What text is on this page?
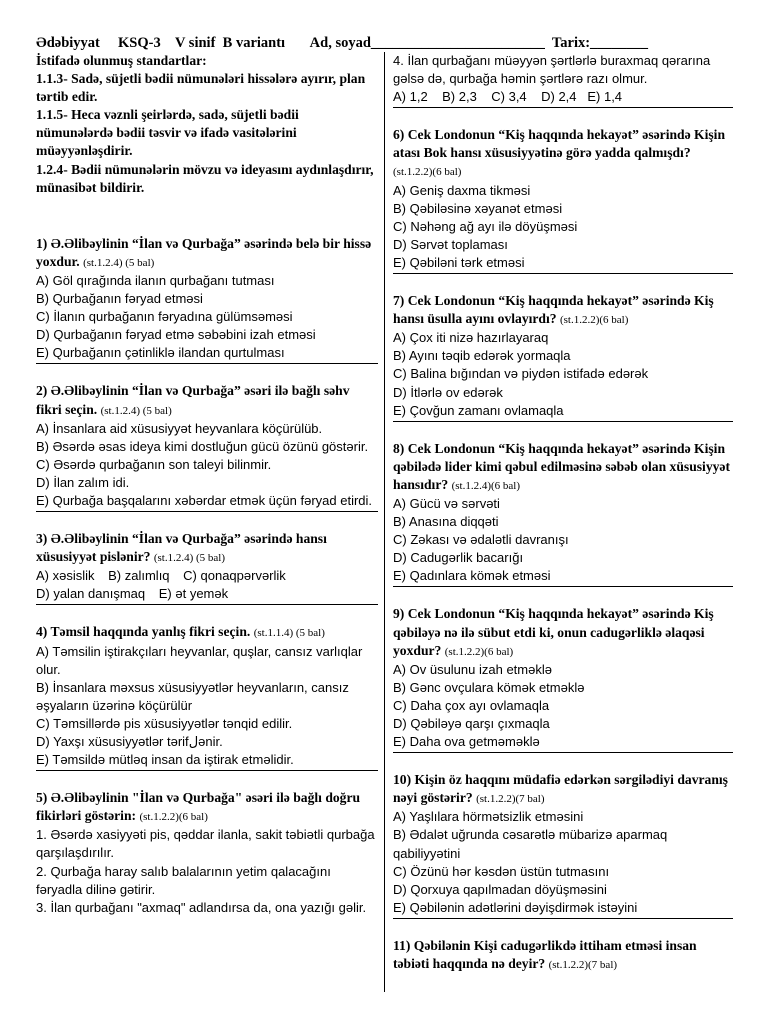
Ədəbiyyat KSQ-3 V sinif B variantı Ad, soyad________________________ Tarix:________
İstifadə olunmuş standartlar:
1.1.3- Sadə, süjetli bədii nümunələri hissələrə ayırır, plan tərtib edir.
1.1.5- Heca vəznli şeirlərdə, sadə, süjetli bədii nümunələrdə bədii təsvir və ifadə vasitələrini müəyyənləşdirir.
1.2.4- Bədii nümunələrin mövzu və ideyasını aydınlaşdırır, münasibət bildirir.
1) Ə.Əlibəylinin “İlan və Qurbağa” əsərində belə bir hissə yoxdur. (st.1.2.4) (5 bal)
A) Göl qırağında ilanın qurbağanı tutması
B) Qurbağanın fəryad etməsi
C) İlanın qurbağanın fəryadına gülümsəməsi
D) Qurbağanın fəryad etmə səbəbini izah etməsi
E) Qurbağanın çətinliklə ilandan qurtulması
2) Ə.Əlibəylinin “İlan və Qurbağa” əsəri ilə bağlı səhv fikri seçin. (st.1.2.4) (5 bal)
A) İnsanlara aid xüsusiyyət heyvanlara köçürülüb.
B) Əsərdə əsas ideya kimi dostluğun gücü özünü göstərir.
C) Əsərdə qurbağanın son taleyi bilinmir.
D) İlan zalım idi.
E) Qurbağa başqalarını xəbərdar etmək üçün fəryad etirdi.
3) Ə.Əlibəylinin “İlan və Qurbağa” əsərində hansı xüsusiyyət pislənir? (st.1.2.4) (5 bal)
A) xəsislik B) zalımlıq C) qonaqpərvərlik
D) yalan danışmaq E) ət yemək
4) Təmsil haqqında yanlış fikri seçin. (st.1.1.4) (5 bal)
A) Təmsilin iştirakçıları heyvanlar, quşlar, cansız varlıqlar olur.
B) İnsanlara məxsus xüsusiyyətlər heyvanların, cansız əşyaların üzərinə köçürülür
C) Təmsillərdə pis xüsusiyyətlər tənqid edilir.
D) Yaxşı xüsusiyyətlər tərifلənir.
E) Təmsildə mütləq insan da iştirak etməlidir.
5) Ə.Əlibəylinin "İlan və Qurbağa" əsəri ilə bağlı doğru fikirləri göstərin: (st.1.2.2)(6 bal)
1. Əsərdə xasiyyəti pis, qəddar ilanla, sakit təbiətli qurbağa qarşılaşdırılır.
2. Qurbağa haray salıb balalarının yetim qalacağını fəryadla dilinə gətirir.
3. İlan qurbağanı "axmaq" adlandırsa da, ona yazığı gəlir.
4. İlan qurbağanı müəyyən şərtlərlə buraxmaq qərarına gəlsə də, qurbağa həmin şərtlərə razı olmur.
A) 1,2    B) 2,3    C) 3,4    D) 2,4   E) 1,4
6) Cek Londonun “Kiş haqqında hekayət” əsərində Kişin atası Bok hansı xüsusiyyətinə görə yadda qalmışdı? (st.1.2.2)(6 bal)
A) Geniş daxma tikməsi
B) Qəbiləsinə xəyanət etməsi
C) Nəhəng ağ ayı ilə döyüşməsi
D) Sərvət toplaması
E) Qəbiləni tərk etməsi
7) Cek Londonun “Kiş haqqında hekayət” əsərində Kiş hansı üsulla ayını ovlayırdı? (st.1.2.2)(6 bal)
A) Çox iti nizə hazırlayaraq
B) Ayını təqib edərək yormaqla
C) Balina bığından və piydən istifadə edərək
D) İtlərlə ov edərək
E) Çovğun zamanı ovlamaqla
8) Cek Londonun “Kiş haqqında hekayət” əsərində Kişin qəbilədə lider kimi qəbul edilməsinə səbəb olan xüsusiyyət hansıdır? (st.1.2.4)(6 bal)
A) Gücü və sərvəti
B) Anasına diqqəti
C) Zəkası və ədalətli davranışı
D) Cadugərlik bacarığı
E) Qadınlara kömək etməsi
9) Cek Londonun “Kiş haqqında hekayət” əsərində Kiş qəbiləyə nə ilə sübut etdi ki, onun cadugərliklə əlaqəsi yoxdur? (st.1.2.2)(6 bal)
A) Ov üsulunu izah etməklə
B) Gənc ovçulara kömək etməklə
C) Daha çox ayı ovlamaqla
D) Qəbiləyə qarşı çıxmaqla
E) Daha ova getməməklə
10) Kişin öz haqqını müdafiə edərkən sərgilədiyi davranış nəyi göstərir? (st.1.2.2)(7 bal)
A) Yaşlılara hörmətsizlik etməsini
B) Ədalət uğrunda cəsarətlə mübarizə aparmaq qabiliyyətini
C) Özünü hər kəsdən üstün tutmasını
D) Qorxuya qapılmadan döyüşməsini
E) Qəbilənin adətlərini dəyişdirmək istəyini
11) Qəbilənin Kişi cadugərlikdə ittiham etməsi insan təbiəti haqqında nə deyir? (st.1.2.2)(7 bal)
